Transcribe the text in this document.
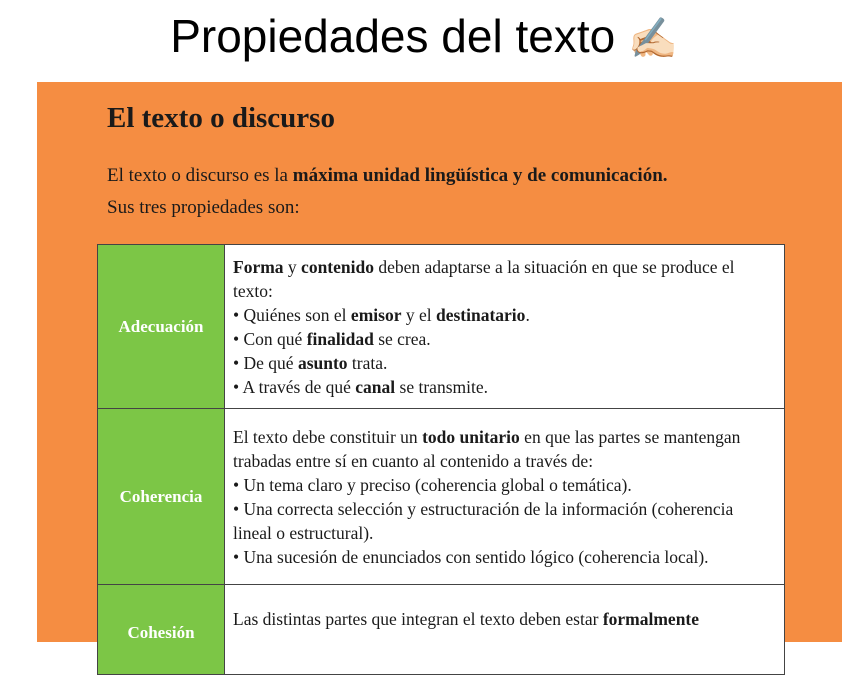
Propiedades del texto ✍🏻
El texto o discurso
El texto o discurso es la máxima unidad lingüística y de comunicación.
Sus tres propiedades son:
Adecuación	Forma y contenido deben adaptarse a la situación en que se produce el texto:
• Quiénes son el emisor y el destinatario.
• Con qué finalidad se crea.
• De qué asunto trata.
• A través de qué canal se transmite.

Coherencia	El texto debe constituir un todo unitario en que las partes se mantengan trabadas entre sí en cuanto al contenido a través de:
• Un tema claro y preciso (coherencia global o temática).
• Una correcta selección y estructuración de la información (coherencia lineal o estructural).
• Una sucesión de enunciados con sentido lógico (coherencia local).

Cohesión	Las distintas partes que integran el texto deben estar formalmente
